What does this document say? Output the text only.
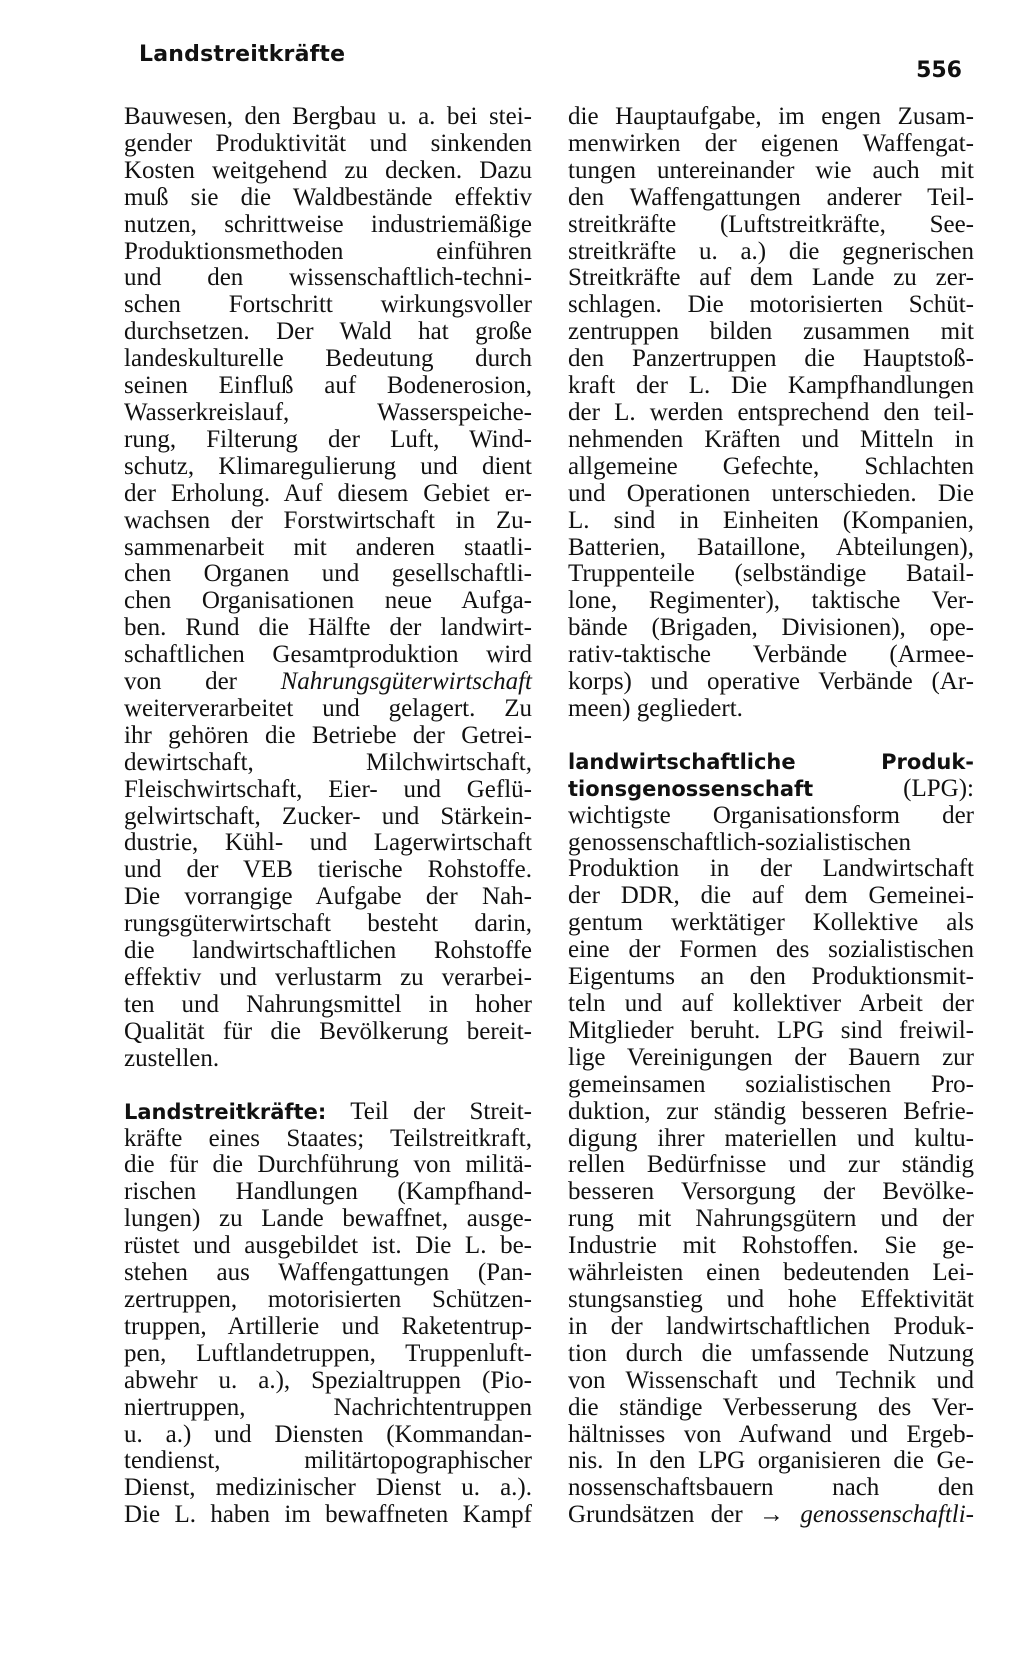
Landstreitkräfte
556
Bauwesen, den Bergbau u. a. bei stei-
gender Produktivität und sinkenden
Kosten weitgehend zu decken. Dazu
muß sie die Waldbestände effektiv
nutzen, schrittweise industriemäßige
Produktionsmethoden einführen
und den wissenschaftlich-techni-
schen Fortschritt wirkungsvoller
durchsetzen. Der Wald hat große
landeskulturelle Bedeutung durch
seinen Einfluß auf Bodenerosion,
Wasserkreislauf, Wasserspeiche-
rung, Filterung der Luft, Wind-
schutz, Klimaregulierung und dient
der Erholung. Auf diesem Gebiet er-
wachsen der Forstwirtschaft in Zu-
sammenarbeit mit anderen staatli-
chen Organen und gesellschaftli-
chen Organisationen neue Aufga-
ben. Rund die Hälfte der landwirt-
schaftlichen Gesamtproduktion wird
von der Nahrungsgüterwirtschaft
weiterverarbeitet und gelagert. Zu
ihr gehören die Betriebe der Getrei-
dewirtschaft, Milchwirtschaft,
Fleischwirtschaft, Eier- und Geflü-
gelwirtschaft, Zucker- und Stärkein-
dustrie, Kühl- und Lagerwirtschaft
und der VEB tierische Rohstoffe.
Die vorrangige Aufgabe der Nah-
rungsgüterwirtschaft besteht darin,
die landwirtschaftlichen Rohstoffe
effektiv und verlustarm zu verarbei-
ten und Nahrungsmittel in hoher
Qualität für die Bevölkerung bereit-
zustellen.
Landstreitkräfte: Teil der Streit-
kräfte eines Staates; Teilstreitkraft,
die für die Durchführung von militä-
rischen Handlungen (Kampfhand-
lungen) zu Lande bewaffnet, ausge-
rüstet und ausgebildet ist. Die L. be-
stehen aus Waffengattungen (Pan-
zertruppen, motorisierten Schützen-
truppen, Artillerie und Raketentrup-
pen, Luftlandetruppen, Truppenluft-
abwehr u. a.), Spezialtruppen (Pio-
niertruppen, Nachrichtentruppen
u. a.) und Diensten (Kommandan-
tendienst, militärtopographischer
Dienst, medizinischer Dienst u. a.).
Die L. haben im bewaffneten Kampf
die Hauptaufgabe, im engen Zusam-
menwirken der eigenen Waffengat-
tungen untereinander wie auch mit
den Waffengattungen anderer Teil-
streitkräfte (Luftstreitkräfte, See-
streitkräfte u. a.) die gegnerischen
Streitkräfte auf dem Lande zu zer-
schlagen. Die motorisierten Schüt-
zentruppen bilden zusammen mit
den Panzertruppen die Hauptstoß-
kraft der L. Die Kampfhandlungen
der L. werden entsprechend den teil-
nehmenden Kräften und Mitteln in
allgemeine Gefechte, Schlachten
und Operationen unterschieden. Die
L. sind in Einheiten (Kompanien,
Batterien, Bataillone, Abteilungen),
Truppenteile (selbständige Batail-
lone, Regimenter), taktische Ver-
bände (Brigaden, Divisionen), ope-
rativ-taktische Verbände (Armee-
korps) und operative Verbände (Ar-
meen) gegliedert.
landwirtschaftliche Produk-
tionsgenossenschaft (LPG):
wichtigste Organisationsform der
genossenschaftlich-sozialistischen
Produktion in der Landwirtschaft
der DDR, die auf dem Gemeinei-
gentum werktätiger Kollektive als
eine der Formen des sozialistischen
Eigentums an den Produktionsmit-
teln und auf kollektiver Arbeit der
Mitglieder beruht. LPG sind freiwil-
lige Vereinigungen der Bauern zur
gemeinsamen sozialistischen Pro-
duktion, zur ständig besseren Befrie-
digung ihrer materiellen und kultu-
rellen Bedürfnisse und zur ständig
besseren Versorgung der Bevölke-
rung mit Nahrungsgütern und der
Industrie mit Rohstoffen. Sie ge-
währleisten einen bedeutenden Lei-
stungsanstieg und hohe Effektivität
in der landwirtschaftlichen Produk-
tion durch die umfassende Nutzung
von Wissenschaft und Technik und
die ständige Verbesserung des Ver-
hältnisses von Aufwand und Ergeb-
nis. In den LPG organisieren die Ge-
nossenschaftsbauern nach den
Grundsätzen der → genossenschaftli-
